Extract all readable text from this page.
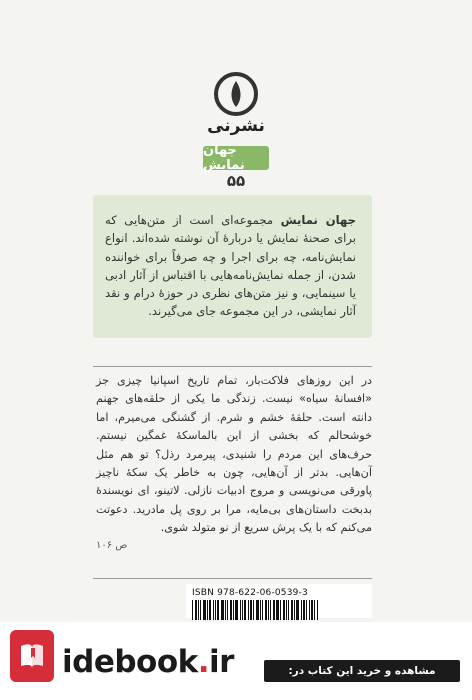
نشرنی
جهان نمایش
۵۵
جهان نمایش مجموعه‌ای است از متن‌هایی که برای صحنهٔ نمایش یا دربارهٔ آن نوشته شده‌اند. انواع نمایش‌نامه، چه برای اجرا و چه صرفاً برای خواننده شدن، از جمله نمایش‌نامه‌هایی با اقتباس از آثار ادبی یا سینمایی، و نیز متن‌های نظری در حوزهٔ درام و نقد آثار نمایشی، در این مجموعه جای می‌گیرند.
در این روزهای فلاکت‌بار، تمام تاریخ اسپانیا چیزی جز «افسانهٔ سیاه» نیست. زندگی ما یکی از حلقه‌های جهنم دانته است. حلقهٔ خشم و شرم. از گشنگی می‌میرم، اما خوشحالم که بخشی از این بالماسکهٔ غمگین نیستم. حرف‌های این مردم را شنیدی، پیرمرد رذل؟ تو هم مثل آن‌هایی. بدتر از آن‌هایی، چون به خاطر یک سکهٔ ناچیز پاورقی می‌نویسی و مروج ادبیات نازلی. لاتینو، ای نویسندهٔ بدبخت داستان‌های بی‌مایه، مرا بر روی پل مادرید. دعوتت می‌کنم که با یک پرش سریع از نو متولد شوی.
ص ۱۰۶
ISBN 978-622-06-0539-3
idebook.ir	مشاهده و خرید این کتاب در:
